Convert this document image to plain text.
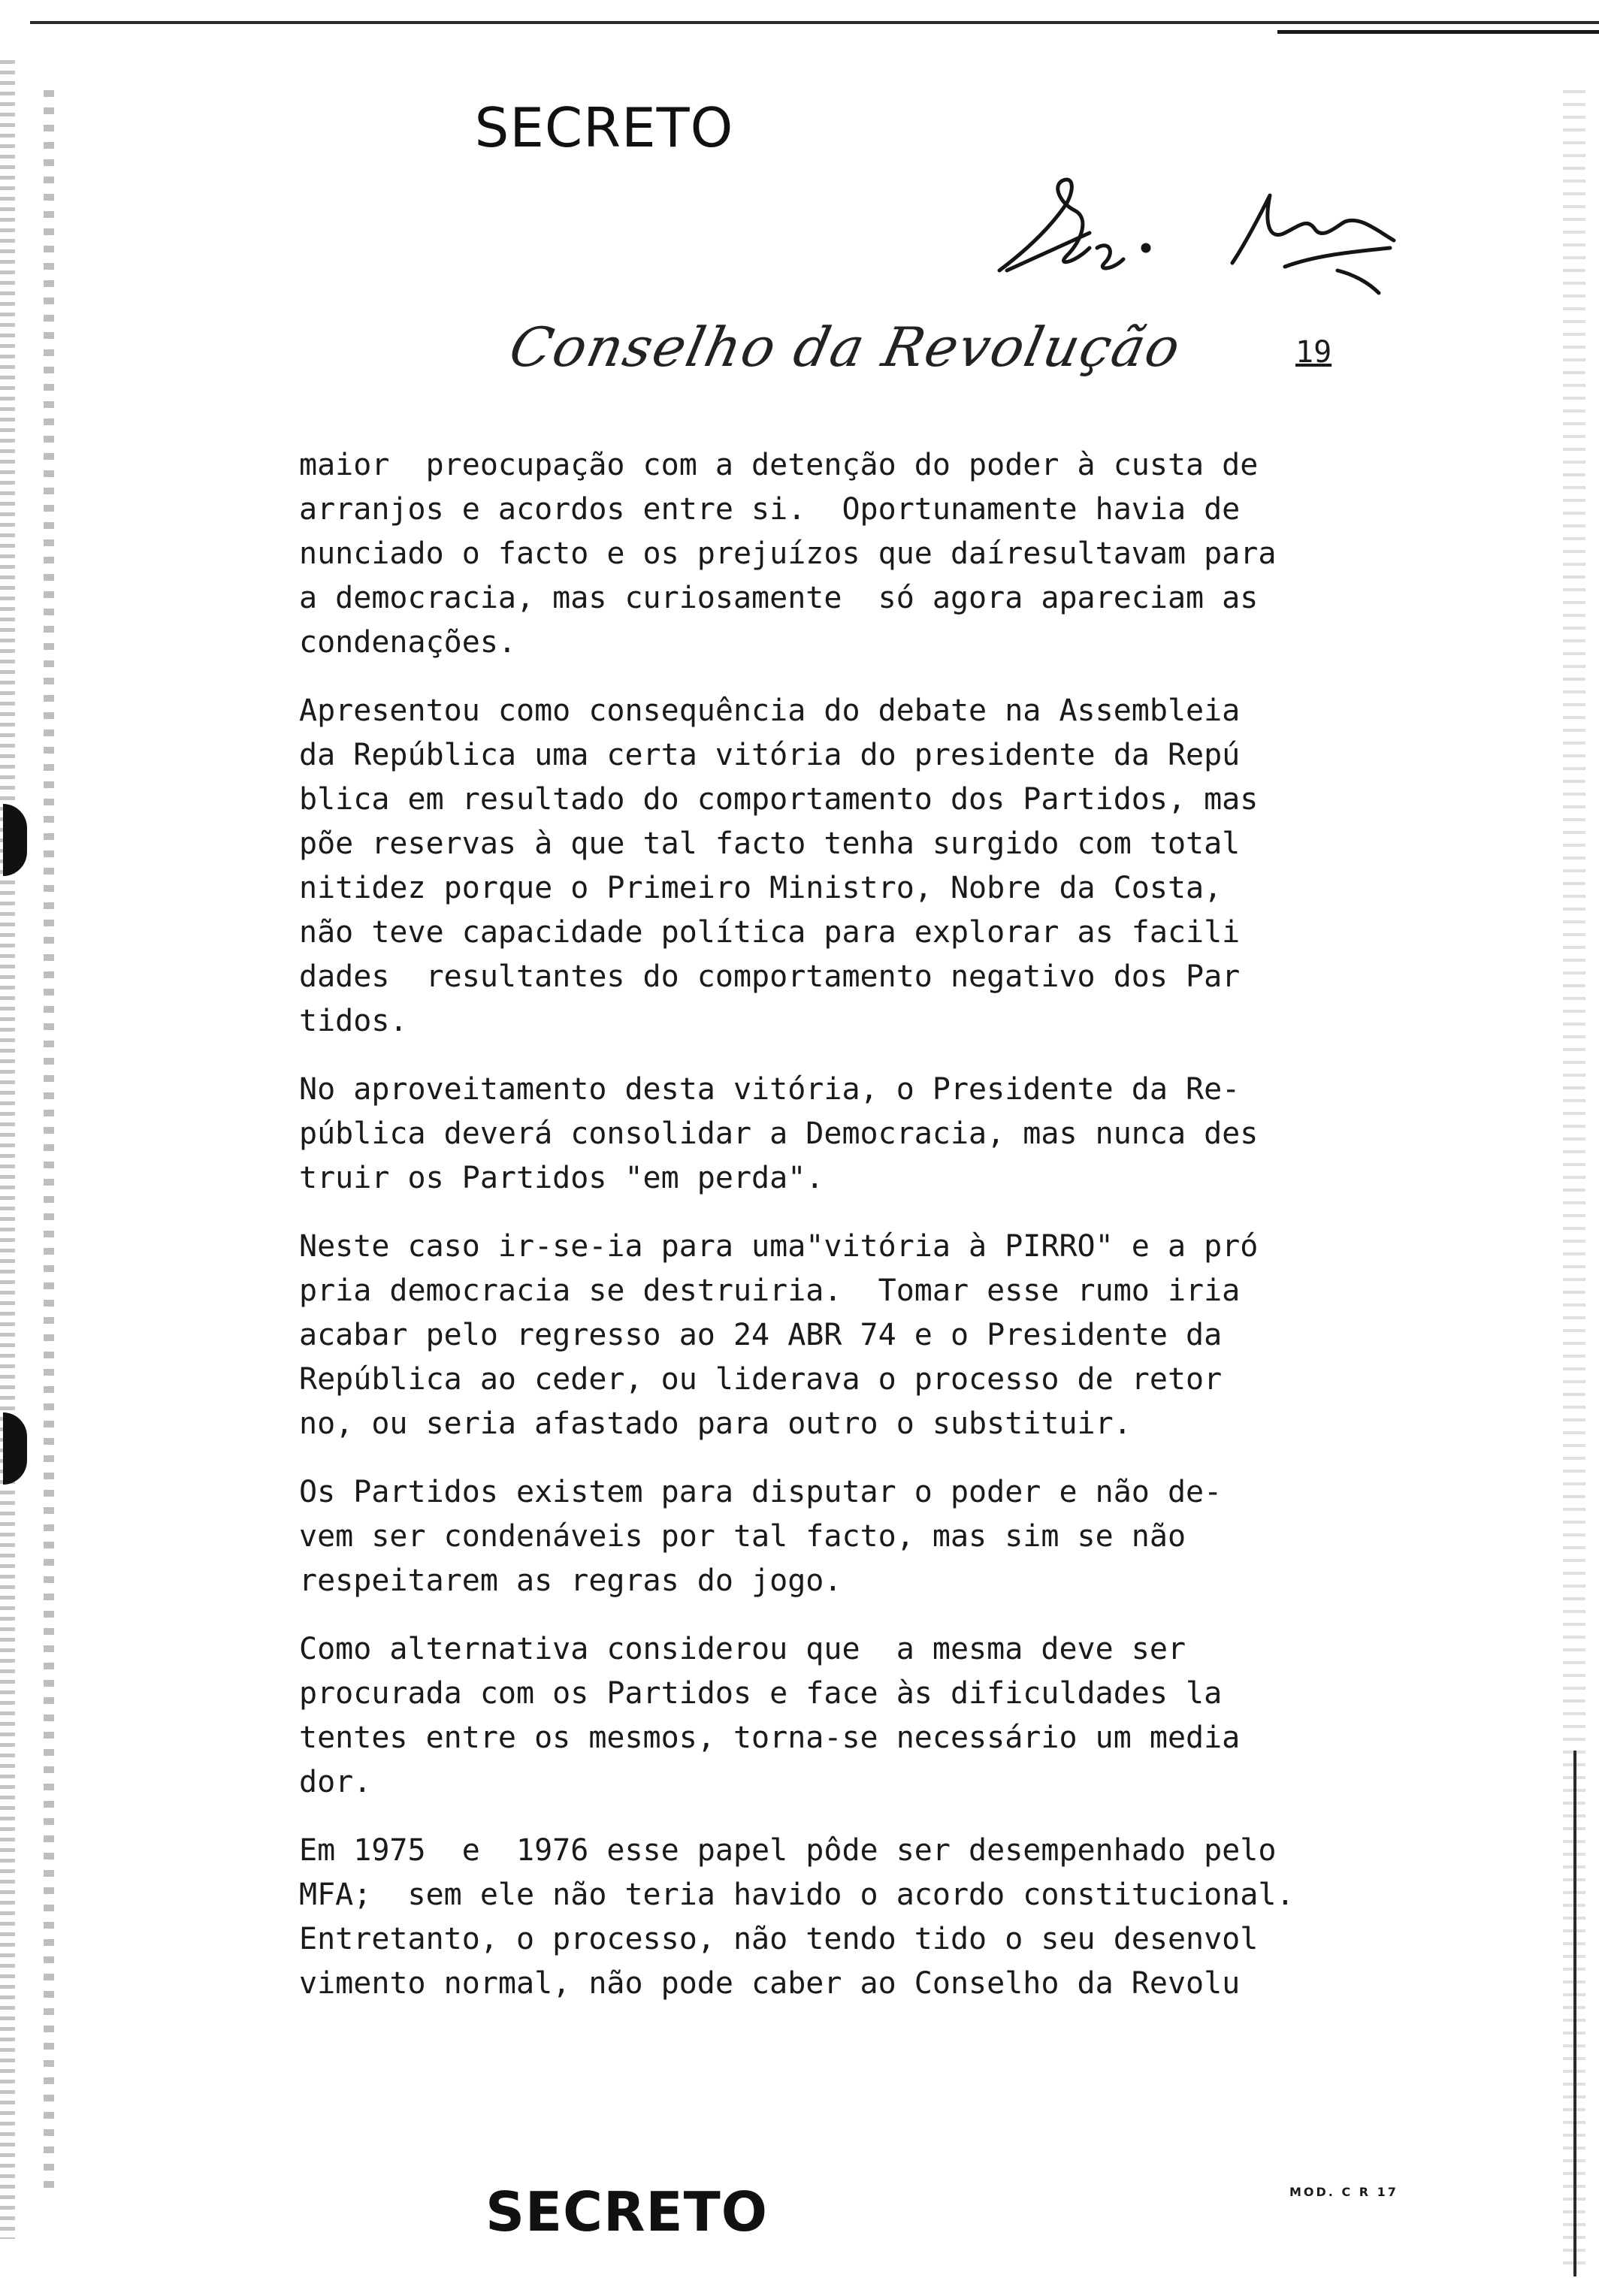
SECRETO
Conselho da Revolução	19

maior  preocupação com a detenção do poder à custa de
arranjos e acordos entre si.  Oportunamente havia de
nunciado o facto e os prejuízos que daíresultavam para
a democracia, mas curiosamente  só agora apareciam as
condenações.

Apresentou como consequência do debate na Assembleia
da República uma certa vitória do presidente da Repú
blica em resultado do comportamento dos Partidos, mas
põe reservas à que tal facto tenha surgido com total
nitidez porque o Primeiro Ministro, Nobre da Costa,
não teve capacidade política para explorar as facili
dades  resultantes do comportamento negativo dos Par
tidos.

No aproveitamento desta vitória, o Presidente da Re-
pública deverá consolidar a Democracia, mas nunca des
truir os Partidos "em perda".

Neste caso ir-se-ia para uma"vitória à PIRRO" e a pró
pria democracia se destruiria.  Tomar esse rumo iria
acabar pelo regresso ao 24 ABR 74 e o Presidente da
República ao ceder, ou liderava o processo de retor
no, ou seria afastado para outro o substituir.

Os Partidos existem para disputar o poder e não de-
vem ser condenáveis por tal facto, mas sim se não
respeitarem as regras do jogo.

Como alternativa considerou que  a mesma deve ser
procurada com os Partidos e face às dificuldades la
tentes entre os mesmos, torna-se necessário um media
dor.

Em 1975  e  1976 esse papel pôde ser desempenhado pelo
MFA;  sem ele não teria havido o acordo constitucional.
Entretanto, o processo, não tendo tido o seu desenvol
vimento normal, não pode caber ao Conselho da Revolu

SECRETO	MOD. C R 17
